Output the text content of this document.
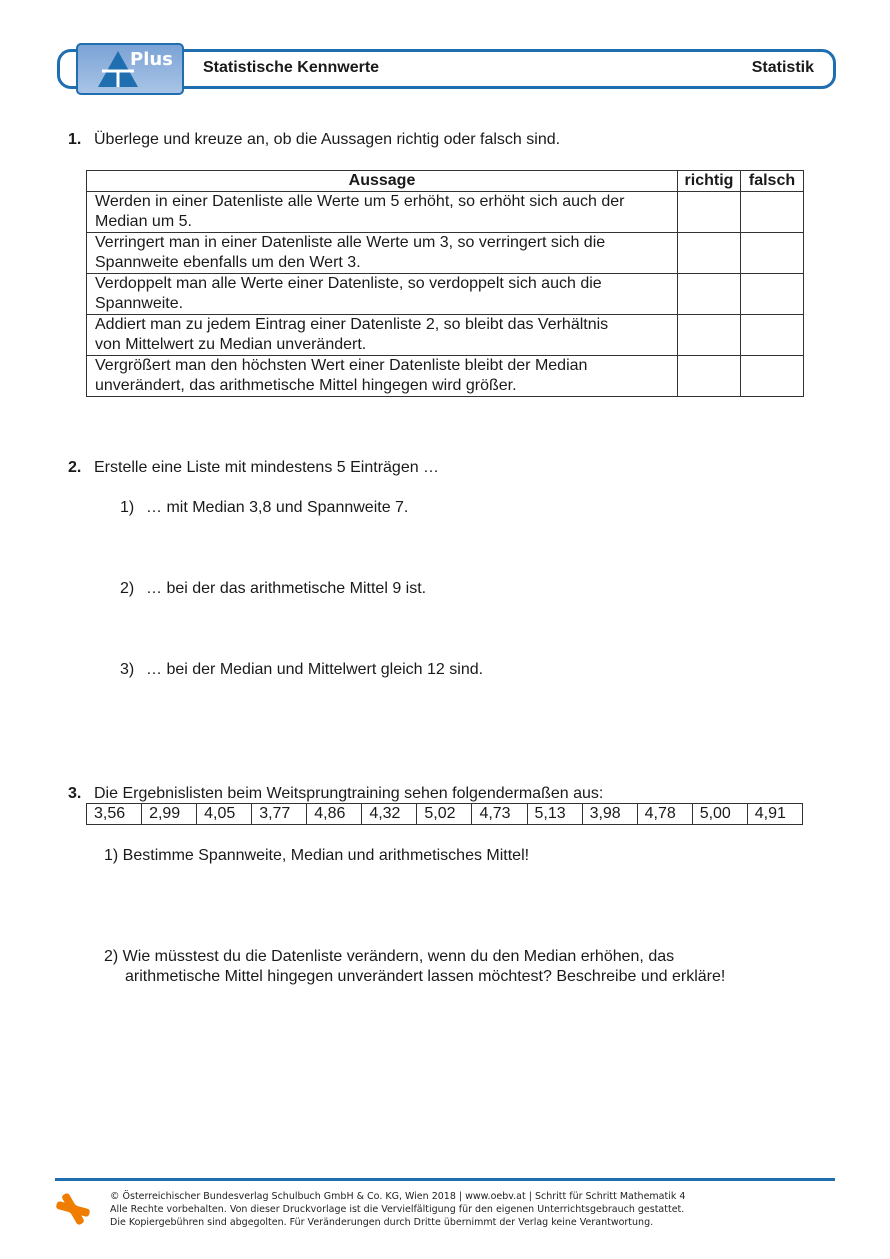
Plus Statistische Kennwerte	Statistik
1. Überlege und kreuze an, ob die Aussagen richtig oder falsch sind.
Aussage	richtig	falsch

Werden in einer Datenliste alle Werte um 5 erhöht, so erhöht sich auch der
Median um 5.		

Verringert man in einer Datenliste alle Werte um 3, so verringert sich die
Spannweite ebenfalls um den Wert 3.		

Verdoppelt man alle Werte einer Datenliste, so verdoppelt sich auch die
Spannweite.		

Addiert man zu jedem Eintrag einer Datenliste 2, so bleibt das Verhältnis
von Mittelwert zu Median unverändert.		

Vergrößert man den höchsten Wert einer Datenliste bleibt der Median
unverändert, das arithmetische Mittel hingegen wird größer.		

2. Erstelle eine Liste mit mindestens 5 Einträgen …
1) … mit Median 3,8 und Spannweite 7.
2) … bei der das arithmetische Mittel 9 ist.
3) … bei der Median und Mittelwert gleich 12 sind.
3. Die Ergebnislisten beim Weitsprungtraining sehen folgendermaßen aus:
3,56	2,99	4,05	3,77	4,86	4,32	5,02	4,73	5,13	3,98	4,78	5,00	4,91
1) Bestimme Spannweite, Median und arithmetisches Mittel!
2) Wie müsstest du die Datenliste verändern, wenn du den Median erhöhen, das
arithmetische Mittel hingegen unverändert lassen möchtest? Beschreibe und erkläre!
© Österreichischer Bundesverlag Schulbuch GmbH & Co. KG, Wien 2018 | www.oebv.at | Schritt für Schritt Mathematik 4
Alle Rechte vorbehalten. Von dieser Druckvorlage ist die Vervielfältigung für den eigenen Unterrichtsgebrauch gestattet.
Die Kopiergebühren sind abgegolten. Für Veränderungen durch Dritte übernimmt der Verlag keine Verantwortung.
